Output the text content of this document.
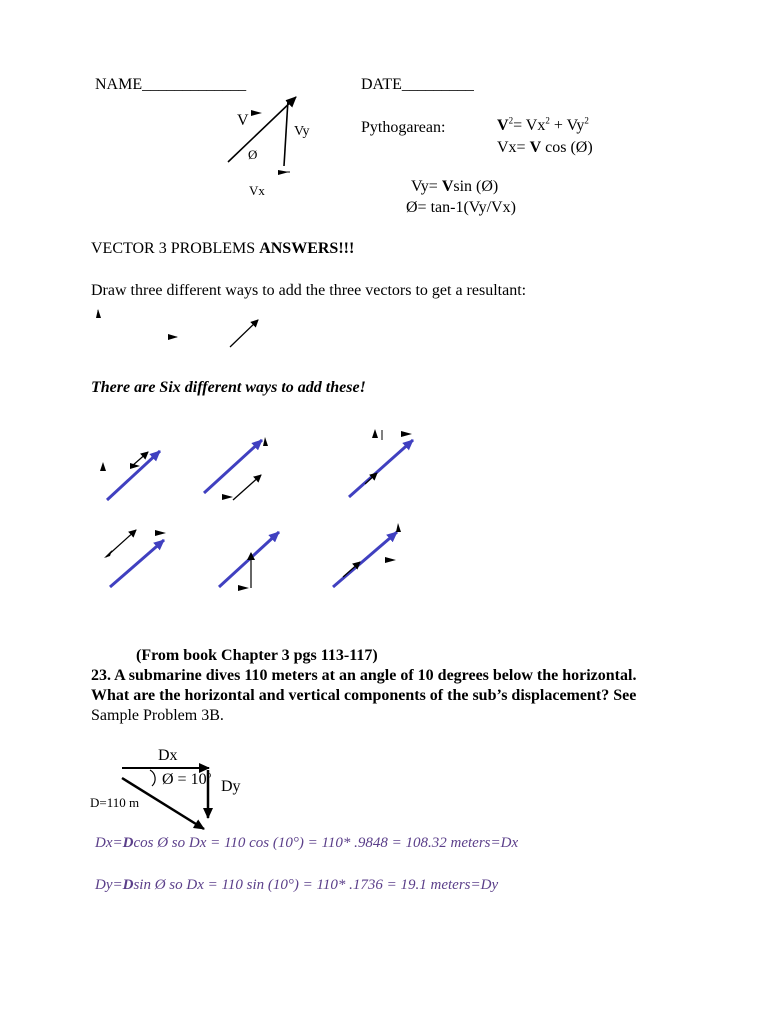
NAME_____________	DATE_________
V
Vy
Ø
Vx
Pythogarean:	$V^2= Vx^2 + Vy^2$
Vx= V cos (Ø)
Vy= Vsin (Ø)
Ø= tan-1(Vy/Vx)
VECTOR 3 PROBLEMS ANSWERS!!!
Draw three different ways to add the three vectors to get a resultant:
There are Six different ways to add these!
(From book Chapter 3 pgs 113-117)
23. A submarine dives 110 meters at an angle of 10 degrees below the horizontal.
What are the horizontal and vertical components of the sub’s displacement? See
Sample Problem 3B.
Dx
Ø = $10^o$
Dy
D=110 m
Dx=Dcos Ø so Dx = 110 cos (10°) = 110* .9848 = 108.32 meters=Dx
Dy=Dsin Ø so Dx = 110 sin (10°) = 110* .1736 = 19.1 meters=Dy
